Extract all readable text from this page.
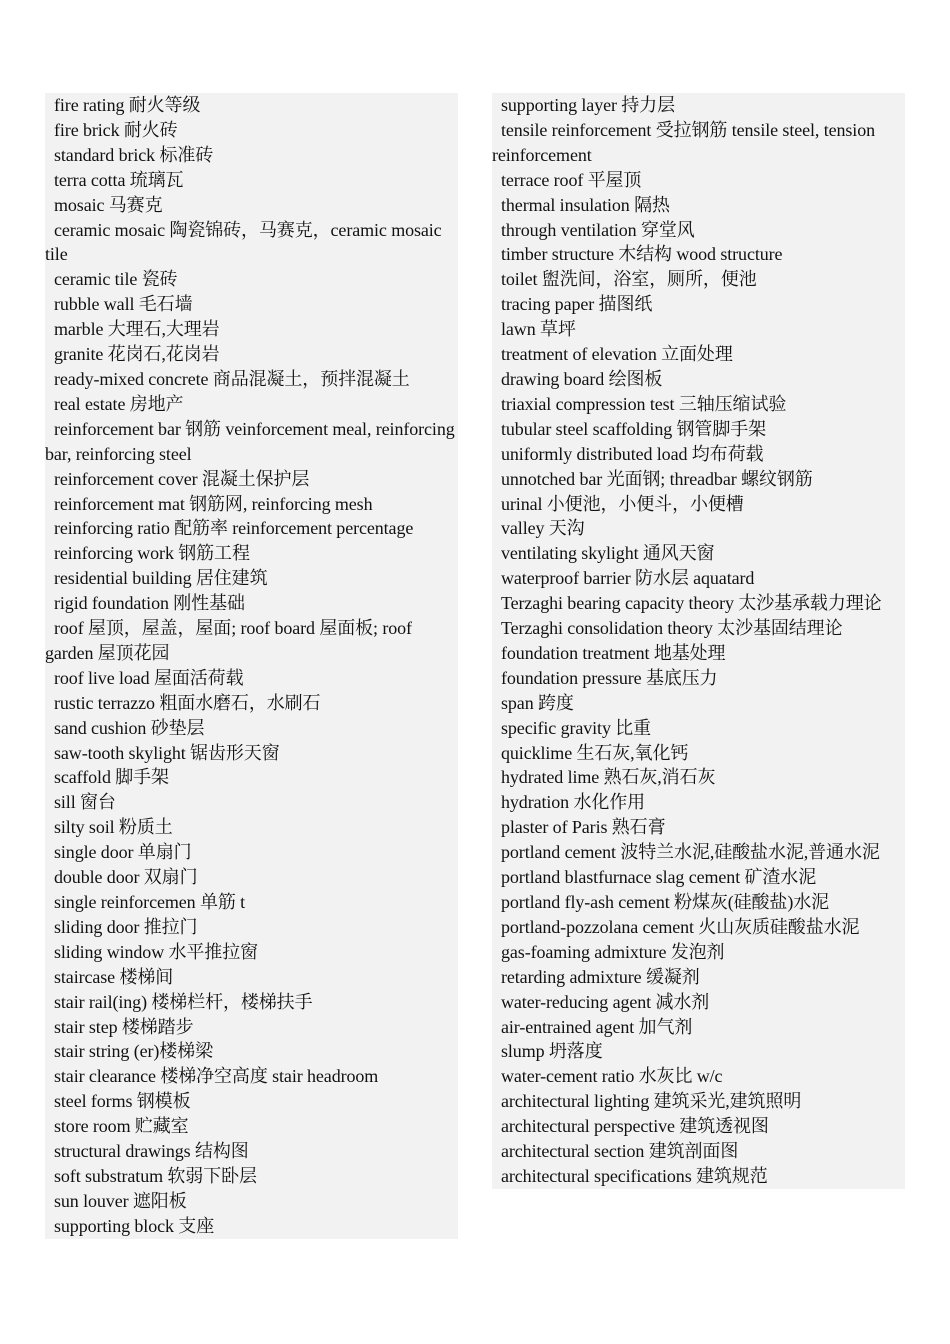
fire rating 耐火等级
fire brick 耐火砖
standard brick 标准砖
terra cotta 琉璃瓦
mosaic 马赛克
ceramic mosaic 陶瓷锦砖，马赛克，ceramic mosaic tile
ceramic tile 瓷砖
rubble wall 毛石墙
marble 大理石,大理岩
granite 花岗石,花岗岩
ready-mixed concrete 商品混凝土，预拌混凝土
real estate 房地产
reinforcement bar 钢筋 veinforcement meal, reinforcing bar, reinforcing steel
reinforcement cover 混凝土保护层
reinforcement mat 钢筋网, reinforcing mesh
reinforcing ratio 配筋率 reinforcement percentage
reinforcing work 钢筋工程
residential building 居住建筑
rigid foundation 刚性基础
roof 屋顶，屋盖，屋面; roof board 屋面板; roof garden 屋顶花园
roof live load 屋面活荷载
rustic terrazzo 粗面水磨石，水刷石
sand cushion 砂垫层
saw-tooth skylight 锯齿形天窗
scaffold 脚手架
sill 窗台
silty soil 粉质土
single door 单扇门
double door 双扇门
single reinforcemen 单筋 t
sliding door 推拉门
sliding window 水平推拉窗
staircase 楼梯间
stair rail(ing) 楼梯栏杆，楼梯扶手
stair step 楼梯踏步
stair string (er)楼梯梁
stair clearance 楼梯净空高度 stair headroom
steel forms 钢模板
store room 贮藏室
structural drawings 结构图
soft substratum 软弱下卧层
sun louver 遮阳板
supporting block 支座
supporting layer 持力层
tensile reinforcement 受拉钢筋 tensile steel, tension reinforcement
terrace roof 平屋顶
thermal insulation 隔热
through ventilation 穿堂风
timber structure 木结构 wood structure
toilet 盥洗间，浴室，厕所，便池
tracing paper 描图纸
lawn 草坪
treatment of elevation 立面处理
drawing board 绘图板
triaxial compression test 三轴压缩试验
tubular steel scaffolding 钢管脚手架
uniformly distributed load 均布荷载
unnotched bar 光面钢; threadbar 螺纹钢筋
urinal 小便池，小便斗，小便槽
valley 天沟
ventilating skylight 通风天窗
waterproof barrier 防水层 aquatard
Terzaghi bearing capacity theory 太沙基承载力理论
Terzaghi consolidation theory 太沙基固结理论
foundation treatment 地基处理
foundation pressure 基底压力
span 跨度
specific gravity 比重
quicklime 生石灰,氧化钙
hydrated lime 熟石灰,消石灰
hydration 水化作用
plaster of Paris 熟石膏
portland cement 波特兰水泥,硅酸盐水泥,普通水泥
portland blastfurnace slag cement 矿渣水泥
portland fly-ash cement 粉煤灰(硅酸盐)水泥
portland-pozzolana cement 火山灰质硅酸盐水泥
gas-foaming admixture 发泡剂
retarding admixture 缓凝剂
water-reducing agent 减水剂
air-entrained agent 加气剂
slump 坍落度
water-cement ratio 水灰比 w/c
architectural lighting 建筑采光,建筑照明
architectural perspective 建筑透视图
architectural section 建筑剖面图
architectural specifications 建筑规范
